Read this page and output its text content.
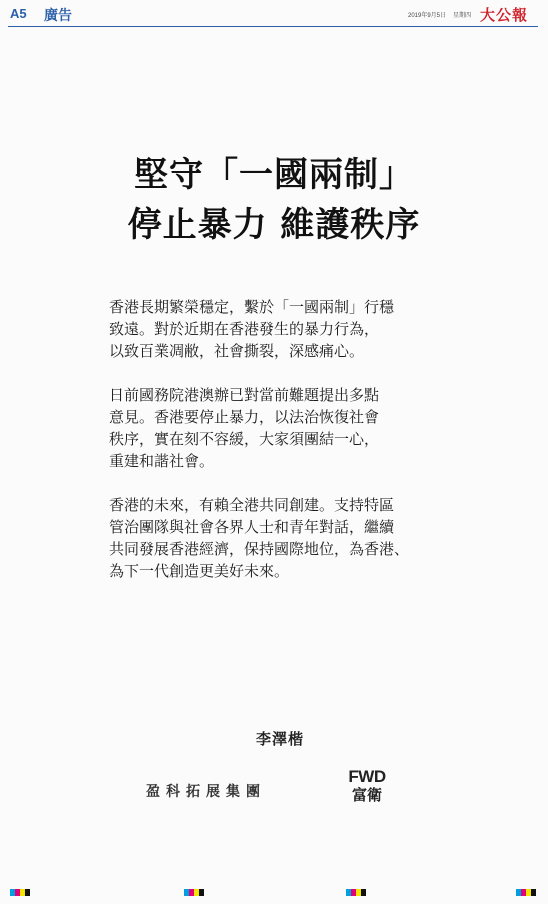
A5 廣告	2019年9月5日 星期四 大公報
堅守「一國兩制」
停止暴力 維護秩序
香港長期繁榮穩定，繫於「一國兩制」行穩
致遠。對於近期在香港發生的暴力行為，
以致百業凋敝，社會撕裂，深感痛心。
日前國務院港澳辦已對當前難題提出多點
意見。香港要停止暴力，以法治恢復社會
秩序，實在刻不容緩，大家須團結一心，
重建和諧社會。
香港的未來，有賴全港共同創建。支持特區
管治團隊與社會各界人士和青年對話，繼續
共同發展香港經濟，保持國際地位，為香港、
為下一代創造更美好未來。
李澤楷
盈科拓展集團
FWD
富衛
